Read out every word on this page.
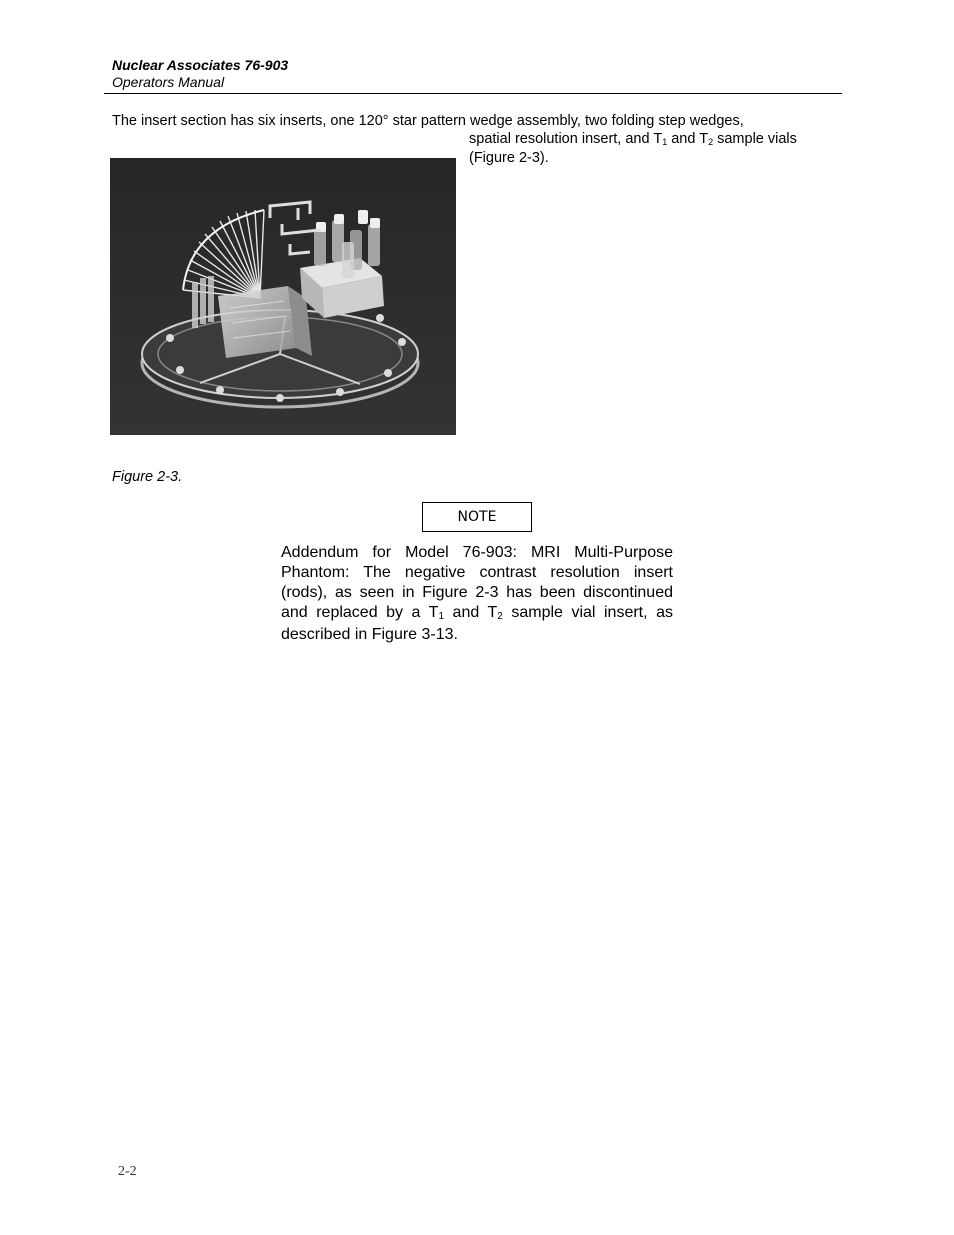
Nuclear Associates 76-903
Operators Manual
The insert section has six inserts, one 120° star pattern wedge assembly, two folding step wedges,
spatial resolution insert, and $T_1$ and $T_2$ sample vials (Figure 2-3).
Figure 2-3.
NOTE
Addendum for Model 76-903: MRI Multi-Purpose Phantom: The negative contrast resolution insert (rods), as seen in Figure 2-3 has been discontinued and replaced by a $T_1$ and $T_2$ sample vial insert, as described in Figure 3-13.
2-2
